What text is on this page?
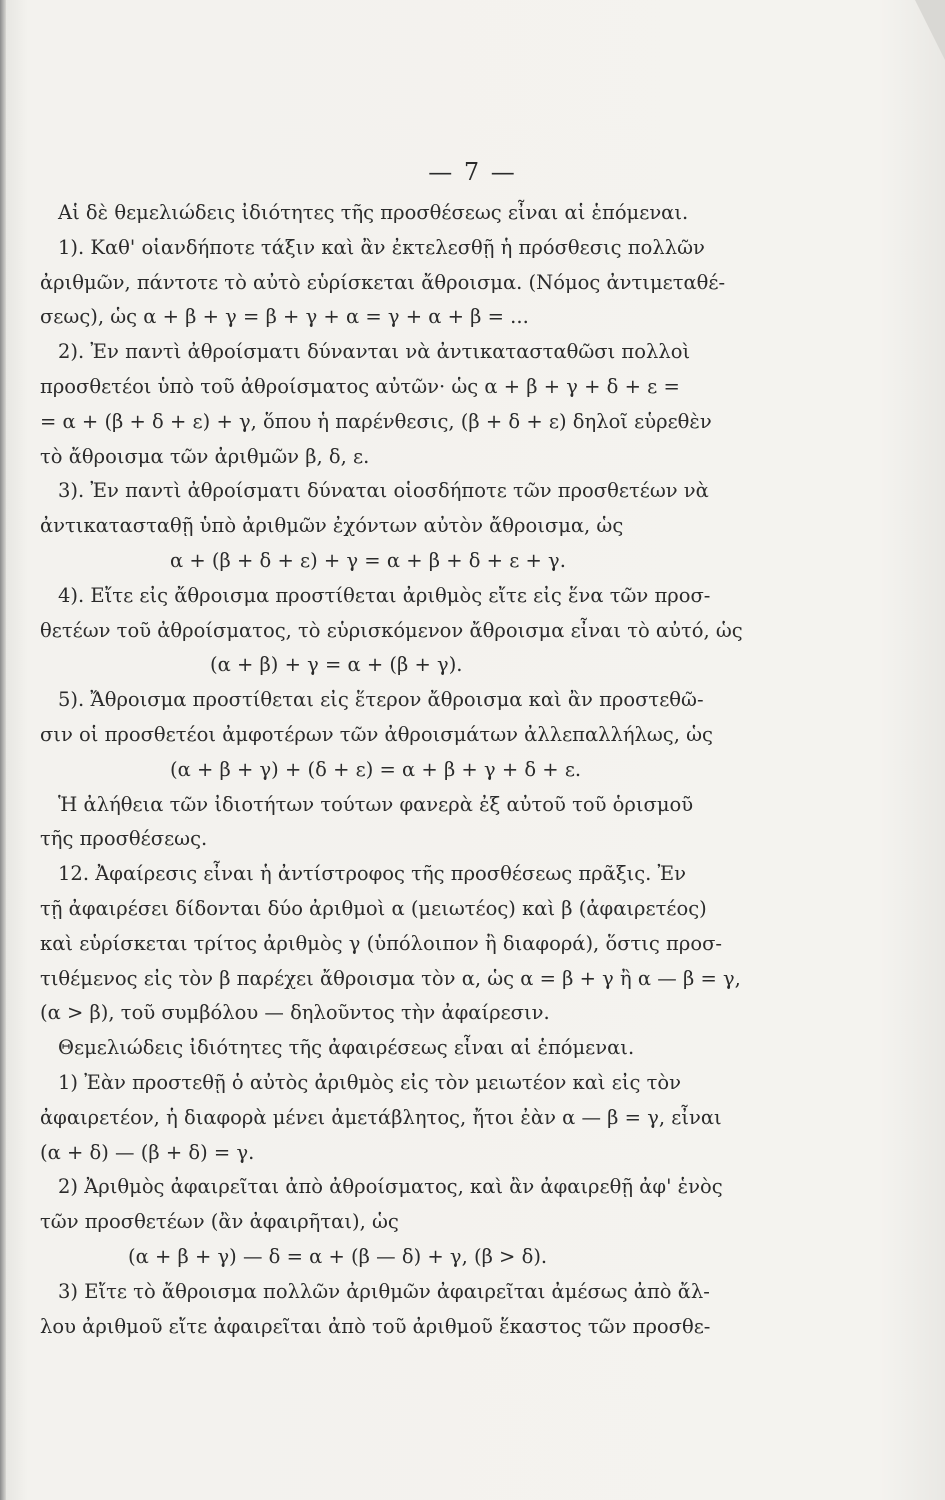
— 7 —
Αἱ δὲ θεμελιώδεις ἰδιότητες τῆς προσθέσεως εἶναι αἱ ἑπόμεναι.
1). Καθ' οἱανδήποτε τάξιν καὶ ἂν ἐκτελεσθῇ ἡ πρόσθεσις πολλῶν
ἀριθμῶν, πάντοτε τὸ αὐτὸ εὑρίσκεται ἄθροισμα. (Νόμος ἀντιμεταθέ-
σεως), ὡς α + β + γ = β + γ + α = γ + α + β = ...
2). Ἐν παντὶ ἀθροίσματι δύνανται νὰ ἀντικατασταθῶσι πολλοὶ
προσθετέοι ὑπὸ τοῦ ἀθροίσματος αὐτῶν· ὡς α + β + γ + δ + ε =
= α + (β + δ + ε) + γ, ὅπου ἡ παρένθεσις, (β + δ + ε) δηλοῖ εὑρεθὲν
τὸ ἄθροισμα τῶν ἀριθμῶν β, δ, ε.
3). Ἐν παντὶ ἀθροίσματι δύναται οἱοσδήποτε τῶν προσθετέων νὰ
ἀντικατασταθῇ ὑπὸ ἀριθμῶν ἐχόντων αὐτὸν ἄθροισμα, ὡς
α + (β + δ + ε) + γ = α + β + δ + ε + γ.
4). Εἴτε εἰς ἄθροισμα προστίθεται ἀριθμὸς εἴτε εἰς ἕνα τῶν προσ-
θετέων τοῦ ἀθροίσματος, τὸ εὑρισκόμενον ἄθροισμα εἶναι τὸ αὐτό, ὡς
(α + β) + γ = α + (β + γ).
5). Ἄθροισμα προστίθεται εἰς ἕτερον ἄθροισμα καὶ ἂν προστεθῶ-
σιν οἱ προσθετέοι ἀμφοτέρων τῶν ἀθροισμάτων ἀλλεπαλλήλως, ὡς
(α + β + γ) + (δ + ε) = α + β + γ + δ + ε.
Ἡ ἀλήθεια τῶν ἰδιοτήτων τούτων φανερὰ ἐξ αὐτοῦ τοῦ ὁρισμοῦ
τῆς προσθέσεως.
12. Ἀφαίρεσις εἶναι ἡ ἀντίστροφος τῆς προσθέσεως πρᾶξις. Ἐν
τῇ ἀφαιρέσει δίδονται δύο ἀριθμοὶ α (μειωτέος) καὶ β (ἀφαιρετέος)
καὶ εὑρίσκεται τρίτος ἀριθμὸς γ (ὑπόλοιπον ἢ διαφορά), ὅστις προσ-
τιθέμενος εἰς τὸν β παρέχει ἄθροισμα τὸν α, ὡς α = β + γ ἢ α — β = γ,
(α > β), τοῦ συμβόλου — δηλοῦντος τὴν ἀφαίρεσιν.
Θεμελιώδεις ἰδιότητες τῆς ἀφαιρέσεως εἶναι αἱ ἑπόμεναι.
1) Ἐὰν προστεθῇ ὁ αὐτὸς ἀριθμὸς εἰς τὸν μειωτέον καὶ εἰς τὸν
ἀφαιρετέον, ἡ διαφορὰ μένει ἀμετάβλητος, ἤτοι ἐὰν α — β = γ, εἶναι
(α + δ) — (β + δ) = γ.
2) Ἀριθμὸς ἀφαιρεῖται ἀπὸ ἀθροίσματος, καὶ ἂν ἀφαιρεθῇ ἀφ' ἑνὸς
τῶν προσθετέων (ἂν ἀφαιρῆται), ὡς
(α + β + γ) — δ = α + (β — δ) + γ, (β > δ).
3) Εἴτε τὸ ἄθροισμα πολλῶν ἀριθμῶν ἀφαιρεῖται ἀμέσως ἀπὸ ἄλ-
λου ἀριθμοῦ εἴτε ἀφαιρεῖται ἀπὸ τοῦ ἀριθμοῦ ἕκαστος τῶν προσθε-
